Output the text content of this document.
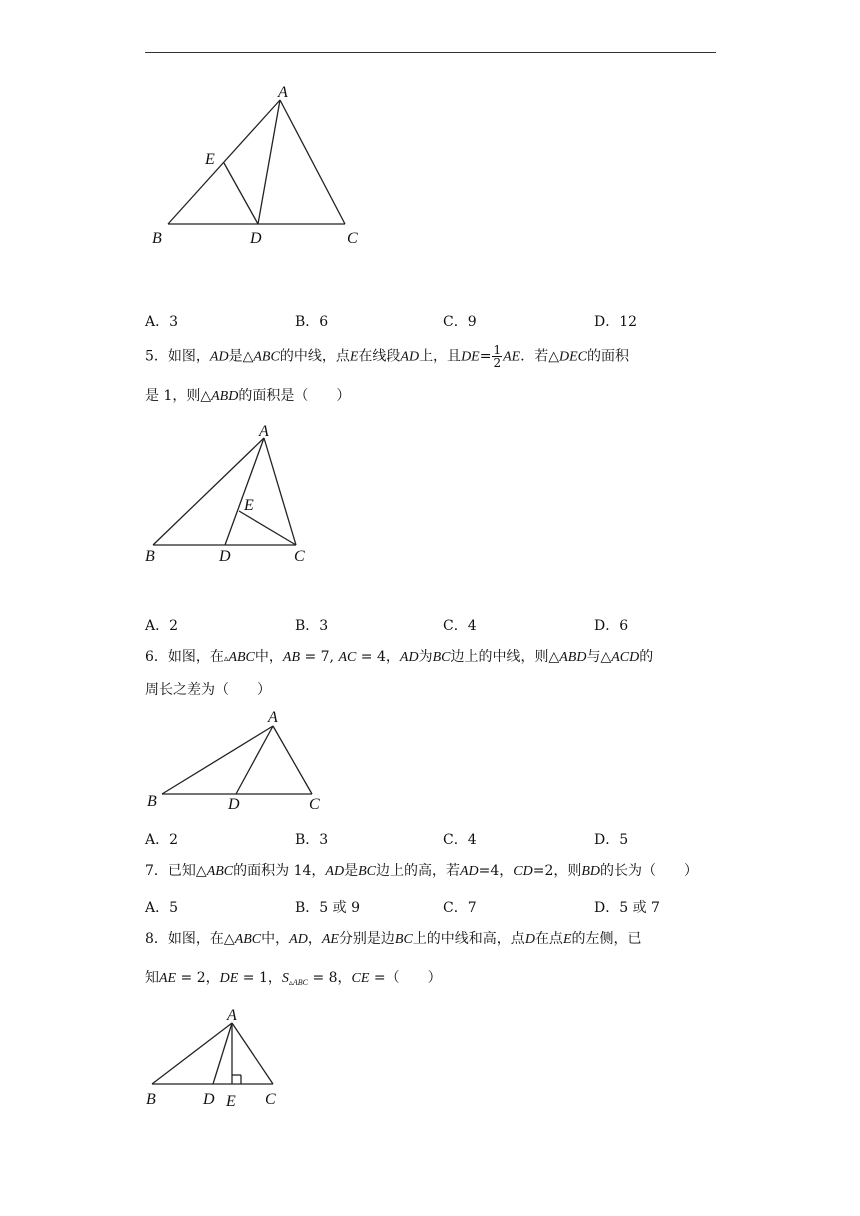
A
E
B	D	C
A．3	B．6	C．9	D．12
5．如图，AD是△ABC的中线，点E在线段AD上，且$DE= \frac{1}{2}$ AE．若△DEC的面积
是 1，则△ABD的面积是（　　）
A
E
B	D	C
A．2	B．3	C．4	D．6
6．如图，在▵ABC中，AB = 7, AC = 4，AD为BC边上的中线，则△ABD与△ACD的
周长之差为（　　）
A
B	D	C
A．2	B．3	C．4	D．5
7．已知△ABC的面积为 14，AD是BC边上的高，若AD=4，CD=2，则BD的长为（　　）
A．5	B．5 或 9	C．7	D．5 或 7
8．如图，在△ABC中，AD，AE分别是边BC上的中线和高，点D在点E的左侧，已
知AE = 2，DE = 1，$S_{▵ABC} = 8$，CE =（　　）
A
B	D E C
